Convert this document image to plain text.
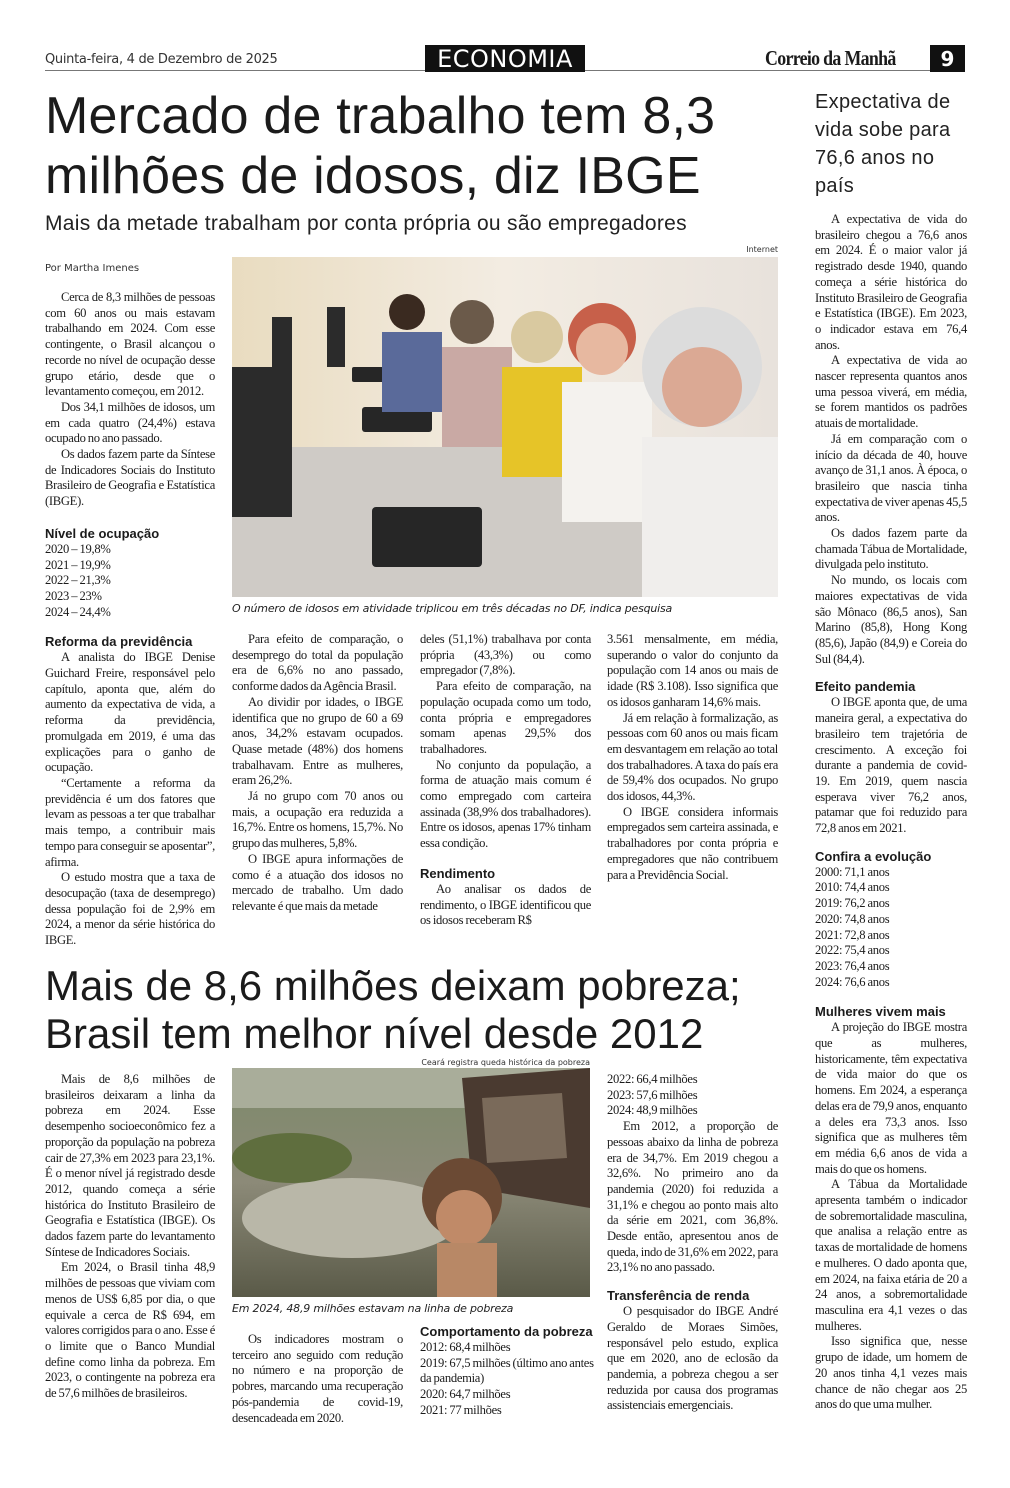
Quinta-feira, 4 de Dezembro de 2025	ECONOMIA	Correio da Manhã	9
Mercado de trabalho tem 8,3
milhões de idosos, diz IBGE
Mais da metade trabalham por conta própria ou são empregadores
Por Martha Imenes
Internet
O número de idosos em atividade triplicou em três décadas no DF, indica pesquisa

Cerca de 8,3 milhões de pessoas com 60 anos ou mais estavam trabalhando em 2024. Com esse contingente, o Brasil alcançou o recorde no nível de ocupação desse grupo etário, desde que o levantamento começou, em 2012.

Dos 34,1 milhões de idosos, um em cada quatro (24,4%) estava ocupado no ano passado.

Os dados fazem parte da Síntese de Indicadores Sociais do Instituto Brasileiro de Geografia e Estatística (IBGE).

Nível de ocupação
2020 – 19,8%
2021 – 19,9%
2022 – 21,3%
2023 – 23%
2024 – 24,4%
Reforma da previdência

A analista do IBGE Denise Guichard Freire, responsável pelo capítulo, aponta que, além do aumento da expectativa de vida, a reforma da previdência, promulgada em 2019, é uma das explicações para o ganho de ocupação.

“Certamente a reforma da previdência é um dos fatores que levam as pessoas a ter que trabalhar mais tempo, a contribuir mais tempo para conseguir se aposentar”, afirma.

O estudo mostra que a taxa de desocupação (taxa de desemprego) dessa população foi de 2,9% em 2024, a menor da série histórica do IBGE.

Para efeito de comparação, o desemprego do total da população era de 6,6% no ano passado, conforme dados da Agência Brasil.

Ao dividir por idades, o IBGE identifica que no grupo de 60 a 69 anos, 34,2% estavam ocupados. Quase metade (48%) dos homens trabalhavam. Entre as mulheres, eram 26,2%.

Já no grupo com 70 anos ou mais, a ocupação era reduzida a 16,7%. Entre os homens, 15,7%. No grupo das mulheres, 5,8%.

O IBGE apura informações de como é a atuação dos idosos no mercado de trabalho. Um dado relevante é que mais da metade

deles (51,1%) trabalhava por conta própria (43,3%) ou como empregador (7,8%).

Para efeito de comparação, na população ocupada como um todo, conta própria e empregadores somam apenas 29,5% dos trabalhadores.

No conjunto da população, a forma de atuação mais comum é como empregado com carteira assinada (38,9% dos trabalhadores). Entre os idosos, apenas 17% tinham essa condição.

Rendimento

Ao analisar os dados de rendimento, o IBGE identificou que os idosos receberam R$

3.561 mensalmente, em média, superando o valor do conjunto da população com 14 anos ou mais de idade (R$ 3.108). Isso significa que os idosos ganharam 14,6% mais.

Já em relação à formalização, as pessoas com 60 anos ou mais ficam em desvantagem em relação ao total dos trabalhadores. A taxa do país era de 59,4% dos ocupados. No grupo dos idosos, 44,3%.

O IBGE considera informais empregados sem carteira assinada, e trabalhadores por conta própria e empregadores que não contribuem para a Previdência Social.

Expectativa de vida sobe para 76,6 anos no país

A expectativa de vida do brasileiro chegou a 76,6 anos em 2024. É o maior valor já registrado desde 1940, quando começa a série histórica do Instituto Brasileiro de Geografia e Estatística (IBGE). Em 2023, o indicador estava em 76,4 anos.

A expectativa de vida ao nascer representa quantos anos uma pessoa viverá, em média, se forem mantidos os padrões atuais de mortalidade.

Já em comparação com o início da década de 40, houve avanço de 31,1 anos. À época, o brasileiro que nascia tinha expectativa de viver apenas 45,5 anos.

Os dados fazem parte da chamada Tábua de Mortalidade, divulgada pelo instituto.

No mundo, os locais com maiores expectativas de vida são Mônaco (86,5 anos), San Marino (85,8), Hong Kong (85,6), Japão (84,9) e Coreia do Sul (84,4).

Efeito pandemia

O IBGE aponta que, de uma maneira geral, a expectativa do brasileiro tem trajetória de crescimento. A exceção foi durante a pandemia de covid-19. Em 2019, quem nascia esperava viver 76,2 anos, patamar que foi reduzido para 72,8 anos em 2021.

Confira a evolução
2000: 71,1 anos
2010: 74,4 anos
2019: 76,2 anos
2020: 74,8 anos
2021: 72,8 anos
2022: 75,4 anos
2023: 76,4 anos
2024: 76,6 anos
Mulheres vivem mais

A projeção do IBGE mostra que as mulheres, historicamente, têm expectativa de vida maior do que os homens. Em 2024, a esperança delas era de 79,9 anos, enquanto a deles era 73,3 anos. Isso significa que as mulheres têm em média 6,6 anos de vida a mais do que os homens.

A Tábua da Mortalidade apresenta também o indicador de sobremortalidade masculina, que analisa a relação entre as taxas de mortalidade de homens e mulheres. O dado aponta que, em 2024, na faixa etária de 20 a 24 anos, a sobremortalidade masculina era 4,1 vezes o das mulheres.

Isso significa que, nesse grupo de idade, um homem de 20 anos tinha 4,1 vezes mais chance de não chegar aos 25 anos do que uma mulher.

Mais de 8,6 milhões deixam pobreza;
Brasil tem melhor nível desde 2012
Ceará registra queda histórica da pobreza
Em 2024, 48,9 milhões estavam na linha de pobreza

Mais de 8,6 milhões de brasileiros deixaram a linha da pobreza em 2024. Esse desempenho socioeconômico fez a proporção da população na pobreza cair de 27,3% em 2023 para 23,1%. É o menor nível já registrado desde 2012, quando começa a série histórica do Instituto Brasileiro de Geografia e Estatística (IBGE). Os dados fazem parte do levantamento Síntese de Indicadores Sociais.

Em 2024, o Brasil tinha 48,9 milhões de pessoas que viviam com menos de US$ 6,85 por dia, o que equivale a cerca de R$ 694, em valores corrigidos para o ano. Esse é o limite que o Banco Mundial define como linha da pobreza. Em 2023, o contingente na pobreza era de 57,6 milhões de brasileiros.

Os indicadores mostram o terceiro ano seguido com redução no número e na proporção de pobres, marcando uma recuperação pós-pandemia de covid-19, desencadeada em 2020.

Comportamento da pobreza
2012: 68,4 milhões
2019: 67,5 milhões (último ano antes da pandemia)
2020: 64,7 milhões
2021: 77 milhões
2022: 66,4 milhões
2023: 57,6 milhões
2024: 48,9 milhões

Em 2012, a proporção de pessoas abaixo da linha de pobreza era de 34,7%. Em 2019 chegou a 32,6%. No primeiro ano da pandemia (2020) foi reduzida a 31,1% e chegou ao ponto mais alto da série em 2021, com 36,8%. Desde então, apresentou anos de queda, indo de 31,6% em 2022, para 23,1% no ano passado.

Transferência de renda

O pesquisador do IBGE André Geraldo de Moraes Simões, responsável pelo estudo, explica que em 2020, ano de eclosão da pandemia, a pobreza chegou a ser reduzida por causa dos programas assistenciais emergenciais.
